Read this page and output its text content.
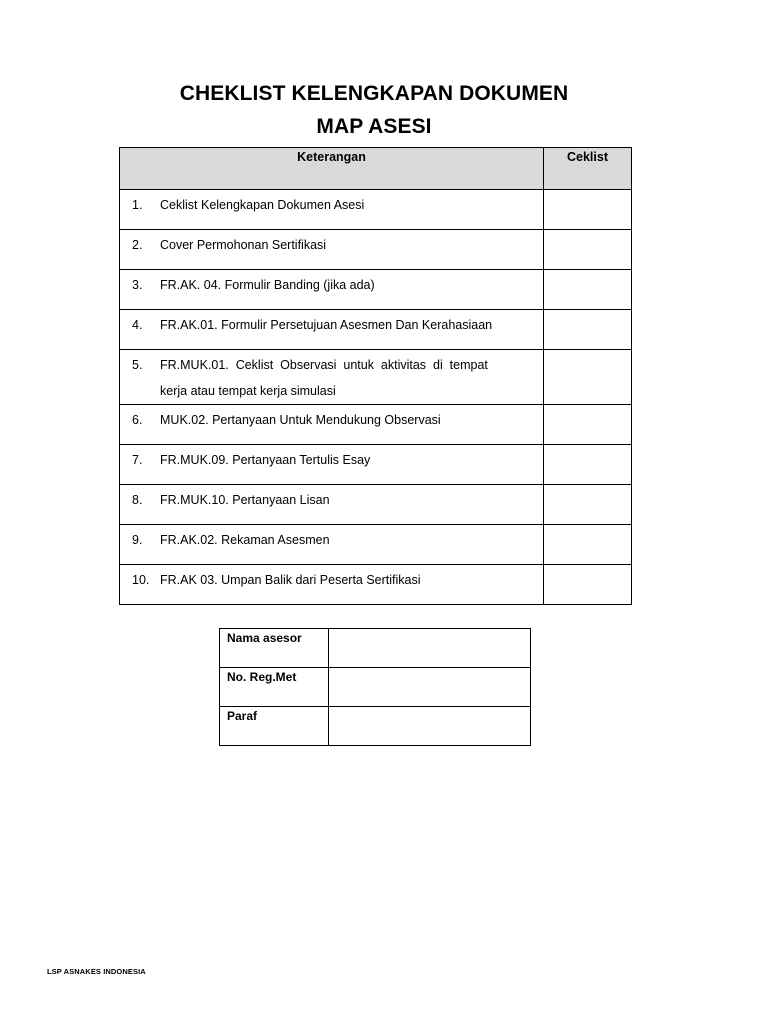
CHEKLIST KELENGKAPAN DOKUMEN
MAP ASESI
Keterangan	Ceklist
1. Ceklist Kelengkapan Dokumen Asesi	
2. Cover Permohonan Sertifikasi	
3. FR.AK. 04. Formulir Banding (jika ada)	
4. FR.AK.01. Formulir Persetujuan Asesmen Dan Kerahasiaan	

5. FR.MUK.01.  Ceklist  Observasi  untuk  aktivitas  di  tempat
kerja atau tempat kerja simulasi	

6. MUK.02. Pertanyaan Untuk Mendukung Observasi	
7. FR.MUK.09. Pertanyaan Tertulis Esay	
8. FR.MUK.10. Pertanyaan Lisan	
9. FR.AK.02. Rekaman Asesmen	
10. FR.AK 03. Umpan Balik dari Peserta Sertifikasi	
Nama asesor	
No. Reg.Met	
Paraf	
LSP ASNAKES INDONESIA
